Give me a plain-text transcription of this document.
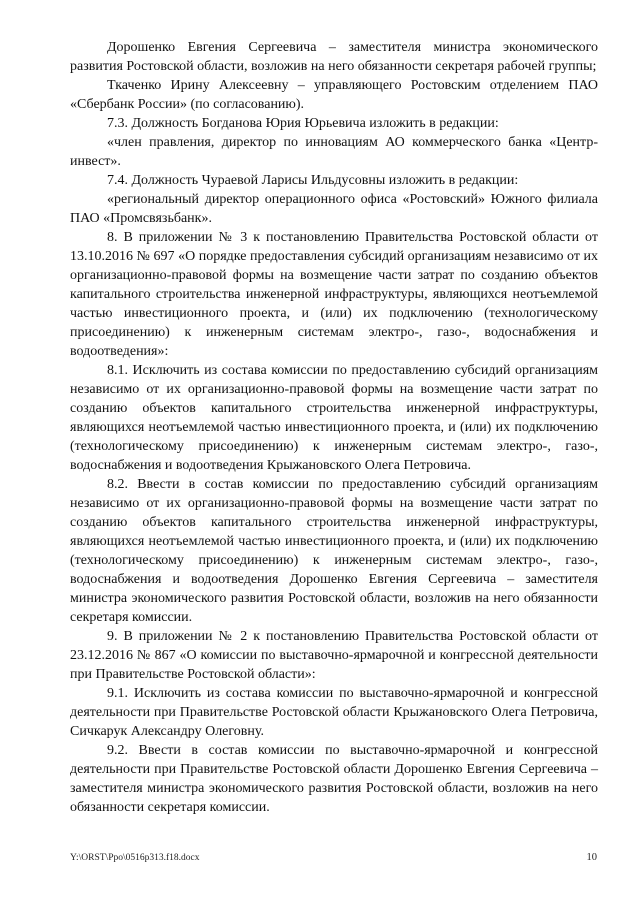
Дорошенко Евгения Сергеевича – заместителя министра экономического развития Ростовской области, возложив на него обязанности секретаря рабочей группы;

Ткаченко Ирину Алексеевну – управляющего Ростовским отделением ПАО «Сбербанк России» (по согласованию).

7.3. Должность Богданова Юрия Юрьевича изложить в редакции:

«член правления, директор по инновациям АО коммерческого банка «Центр-инвест».

7.4. Должность Чураевой Ларисы Ильдусовны изложить в редакции:

«региональный директор операционного офиса «Ростовский» Южного филиала ПАО «Промсвязьбанк».

8. В приложении № 3 к постановлению Правительства Ростовской области от 13.10.2016 № 697 «О порядке предоставления субсидий организациям независимо от их организационно-правовой формы на возмещение части затрат по созданию объектов капитального строительства инженерной инфраструктуры, являющихся неотъемлемой частью инвестиционного проекта, и (или) их подключению (технологическому присоединению) к инженерным системам электро-, газо-, водоснабжения и водоотведения»:

8.1. Исключить из состава комиссии по предоставлению субсидий организациям независимо от их организационно-правовой формы на возмещение части затрат по созданию объектов капитального строительства инженерной инфраструктуры, являющихся неотъемлемой частью инвестиционного проекта, и (или) их подключению (технологическому присоединению) к инженерным системам электро-, газо-, водоснабжения и водоотведения Крыжановского Олега Петровича.

8.2. Ввести в состав комиссии по предоставлению субсидий организациям независимо от их организационно-правовой формы на возмещение части затрат по созданию объектов капитального строительства инженерной инфраструктуры, являющихся неотъемлемой частью инвестиционного проекта, и (или) их подключению (технологическому присоединению) к инженерным системам электро-, газо-, водоснабжения и водоотведения Дорошенко Евгения Сергеевича – заместителя министра экономического развития Ростовской области, возложив на него обязанности секретаря комиссии.

9. В приложении № 2 к постановлению Правительства Ростовской области от 23.12.2016 № 867 «О комиссии по выставочно-ярмарочной и конгрессной деятельности при Правительстве Ростовской области»:

9.1. Исключить из состава комиссии по выставочно-ярмарочной и конгрессной деятельности при Правительстве Ростовской области Крыжановского Олега Петровича, Сичкарук Александру Олеговну.

9.2. Ввести в состав комиссии по выставочно-ярмарочной и конгрессной деятельности при Правительстве Ростовской области Дорошенко Евгения Сергеевича – заместителя министра экономического развития Ростовской области, возложив на него обязанности секретаря комиссии.

Y:\ORST\Ppo\0516p313.f18.docx	10
